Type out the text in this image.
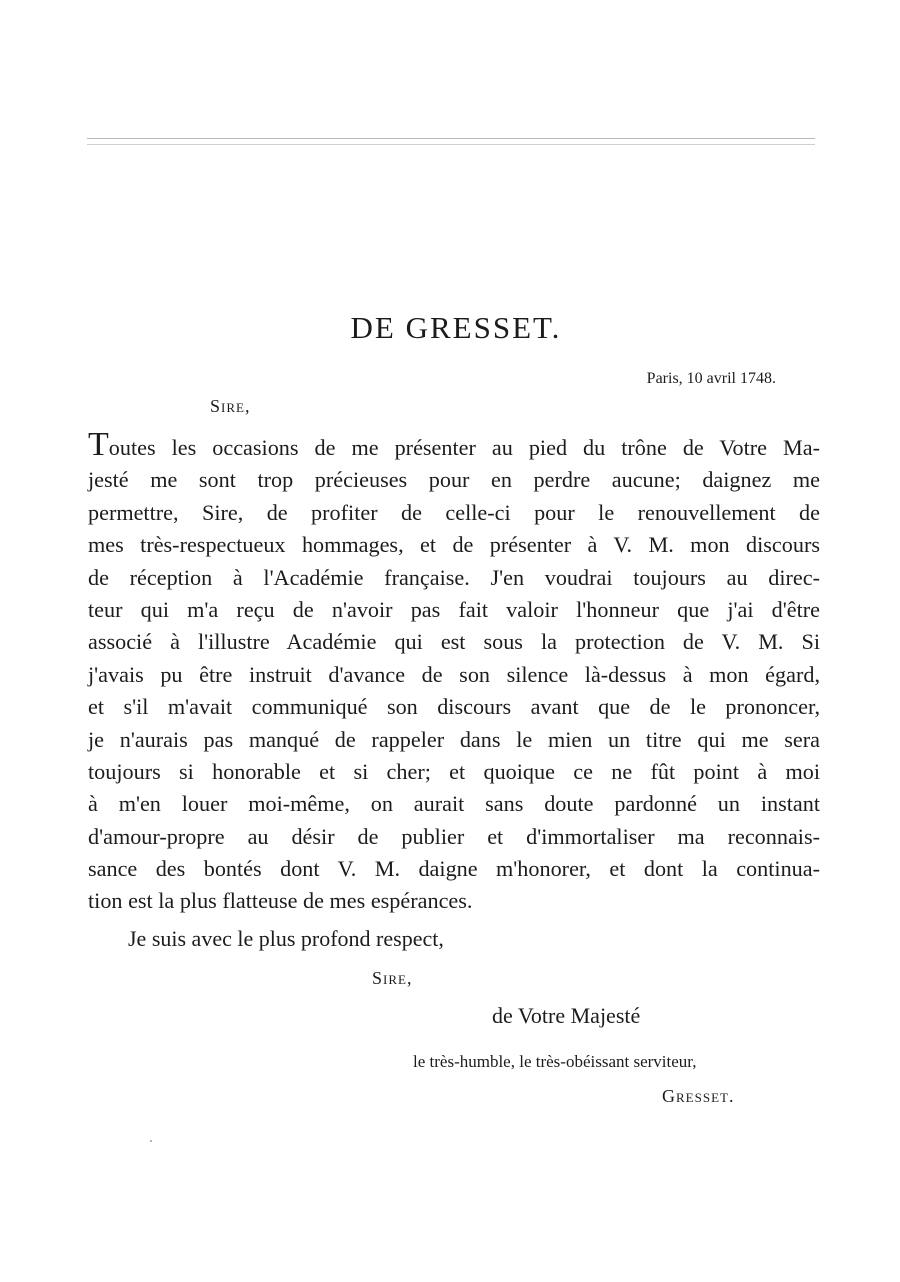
DE GRESSET.
Paris, 10 avril 1748.
Sire,
Toutes les occasions de me présenter au pied du trône de Votre Ma-
jesté me sont trop précieuses pour en perdre aucune; daignez me
permettre, Sire, de profiter de celle-ci pour le renouvellement de
mes très-respectueux hommages, et de présenter à V. M. mon discours
de réception à l'Académie française. J'en voudrai toujours au direc-
teur qui m'a reçu de n'avoir pas fait valoir l'honneur que j'ai d'être
associé à l'illustre Académie qui est sous la protection de V. M. Si
j'avais pu être instruit d'avance de son silence là-dessus à mon égard,
et s'il m'avait communiqué son discours avant que de le prononcer,
je n'aurais pas manqué de rappeler dans le mien un titre qui me sera
toujours si honorable et si cher; et quoique ce ne fût point à moi
à m'en louer moi-même, on aurait sans doute pardonné un instant
d'amour-propre au désir de publier et d'immortaliser ma reconnais-
sance des bontés dont V. M. daigne m'honorer, et dont la continua-
tion est la plus flatteuse de mes espérances.
Je suis avec le plus profond respect,
Sire,
de Votre Majesté
le très-humble, le très-obéissant serviteur,
Gresset.
